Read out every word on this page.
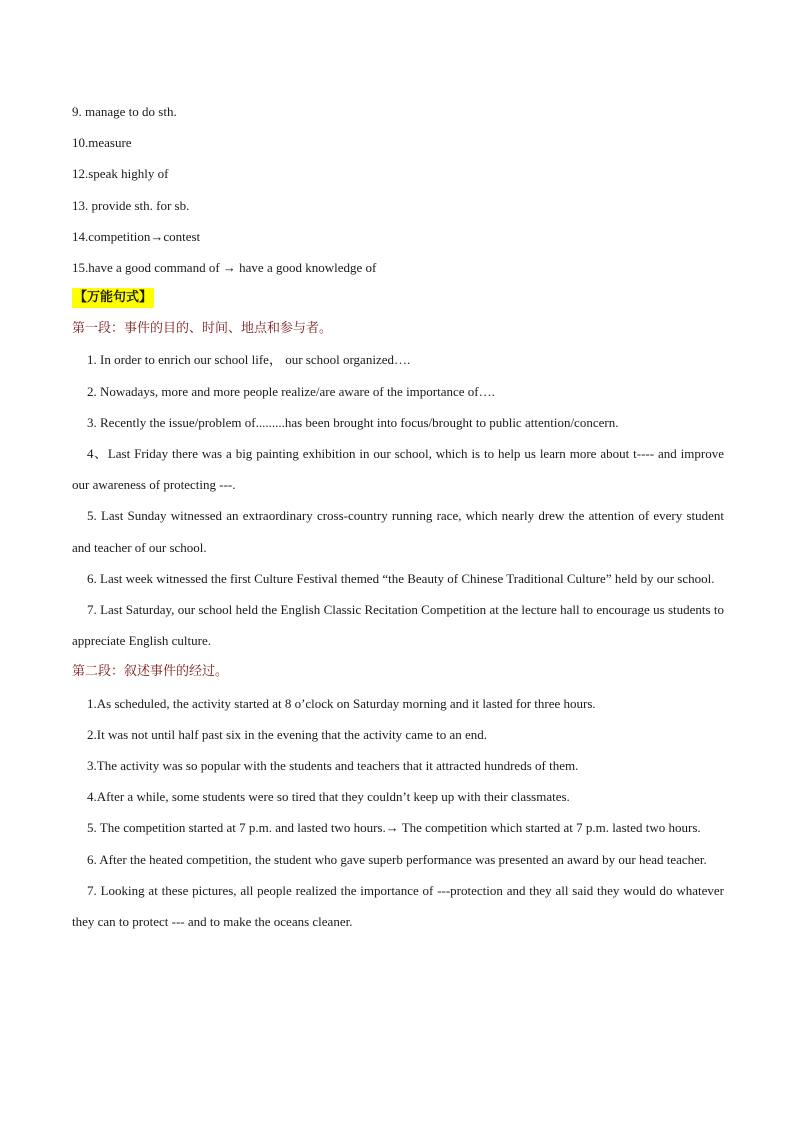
9. manage to do sth.
10.measure
12.speak highly of
13. provide sth. for sb.
14.competition→contest
15.have a good command of → have a good knowledge of
【万能句式】
第一段：事件的目的、时间、地点和参与者。
1. In order to enrich our school life， our school organized….
2. Nowadays, more and more people realize/are aware of the importance of….
3. Recently the issue/problem of.........has been brought into focus/brought to public attention/concern.
4、Last Friday there was a big painting exhibition in our school, which is to help us learn more about t---- and improve our awareness of protecting ---.
5. Last Sunday witnessed an extraordinary cross-country running race, which nearly drew the attention of every student and teacher of our school.
6. Last week witnessed the first Culture Festival themed “the Beauty of Chinese Traditional Culture” held by our school.
7. Last Saturday, our school held the English Classic Recitation Competition at the lecture hall to encourage us students to appreciate English culture.
第二段：叙述事件的经过。
1.As scheduled, the activity started at 8 o’clock on Saturday morning and it lasted for three hours.
2.It was not until half past six in the evening that the activity came to an end.
3.The activity was so popular with the students and teachers that it attracted hundreds of them.
4.After a while, some students were so tired that they couldn’t keep up with their classmates.
5. The competition started at 7 p.m. and lasted two hours.→ The competition which started at 7 p.m. lasted two hours.
6. After the heated competition, the student who gave superb performance was presented an award by our head teacher.
7. Looking at these pictures, all people realized the importance of ---protection and they all said they would do whatever they can to protect --- and to make the oceans cleaner.
